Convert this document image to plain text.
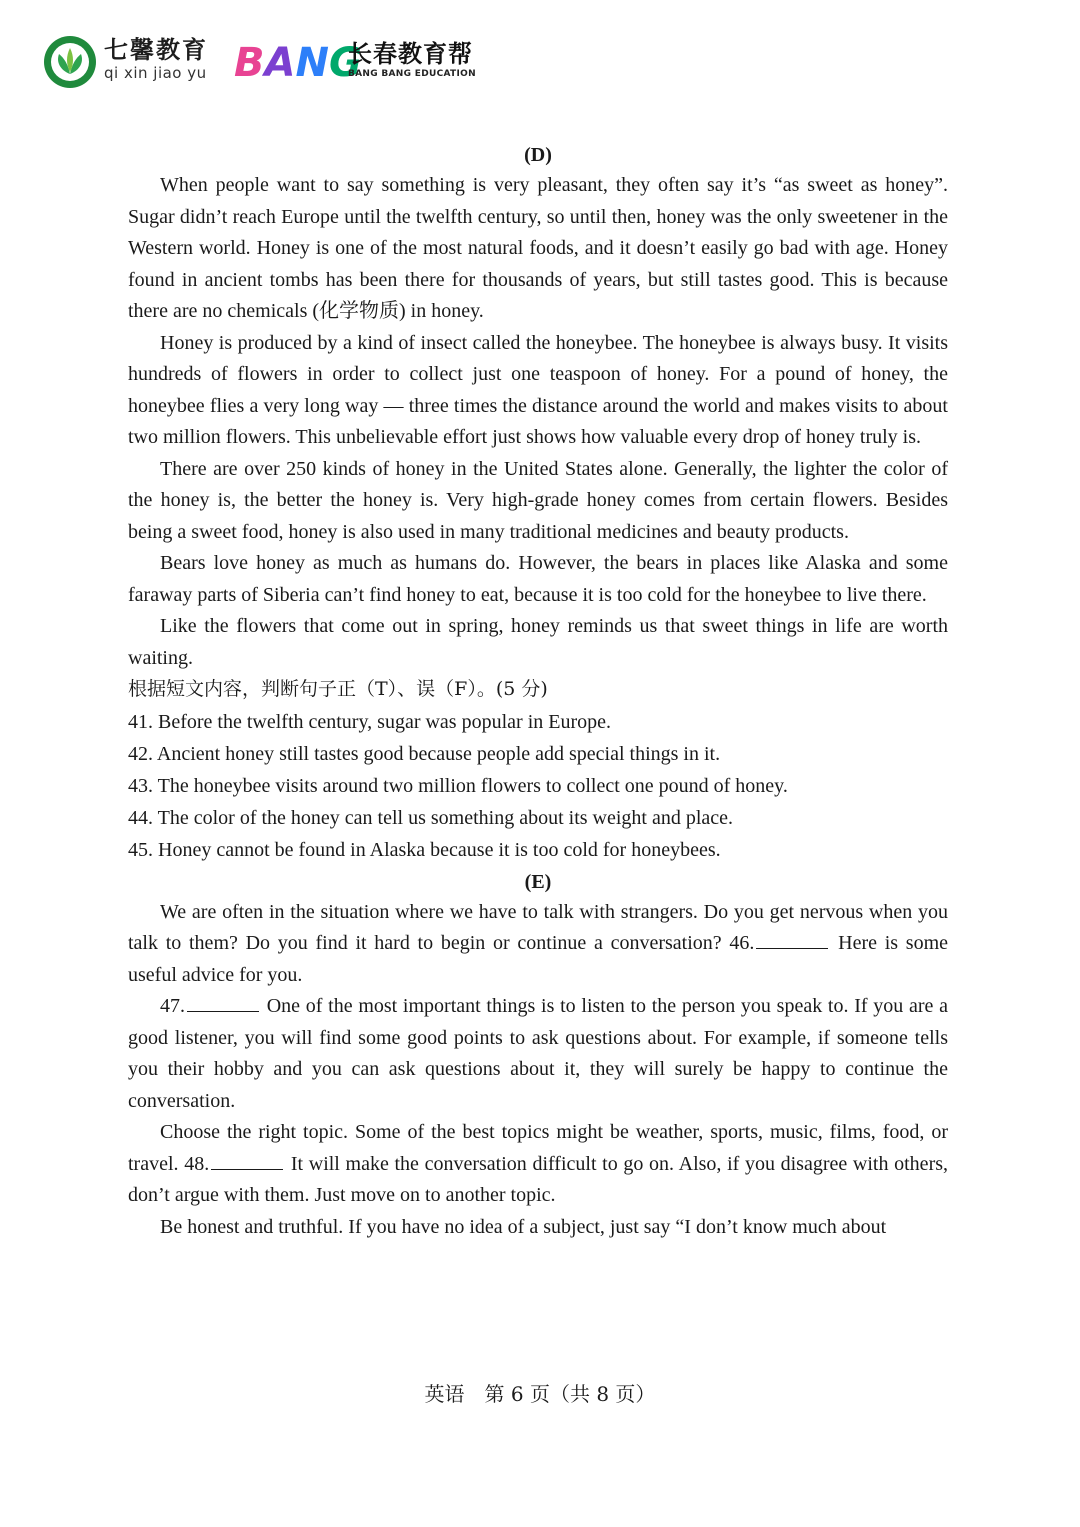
七馨教育
qi xin jiao yu BANG
长春教育帮
BANG BANG EDUCATION

(D)

When people want to say something is very pleasant, they often say it’s “as sweet as honey”. Sugar didn’t reach Europe until the twelfth century, so until then, honey was the only sweetener in the Western world. Honey is one of the most natural foods, and it doesn’t easily go bad with age. Honey found in ancient tombs has been there for thousands of years, but still tastes good. This is because there are no chemicals (化学物质) in honey.

Honey is produced by a kind of insect called the honeybee. The honeybee is always busy. It visits hundreds of flowers in order to collect just one teaspoon of honey. For a pound of honey, the honeybee flies a very long way — three times the distance around the world and makes visits to about two million flowers. This unbelievable effort just shows how valuable every drop of honey truly is.

There are over 250 kinds of honey in the United States alone. Generally, the lighter the color of the honey is, the better the honey is. Very high-grade honey comes from certain flowers. Besides being a sweet food, honey is also used in many traditional medicines and beauty products.

Bears love honey as much as humans do. However, the bears in places like Alaska and some faraway parts of Siberia can’t find honey to eat, because it is too cold for the honeybee to live there.

Like the flowers that come out in spring, honey reminds us that sweet things in life are worth waiting.

根据短文内容，判断句子正（T）、误（F）。(5 分)

41. Before the twelfth century, sugar was popular in Europe.

42. Ancient honey still tastes good because people add special things in it.

43. The honeybee visits around two million flowers to collect one pound of honey.

44. The color of the honey can tell us something about its weight and place.

45. Honey cannot be found in Alaska because it is too cold for honeybees.

(E)

We are often in the situation where we have to talk with strangers. Do you get nervous when you talk to them? Do you find it hard to begin or continue a conversation? 46.	Here is some useful advice for you.

47.	One of the most important things is to listen to the person you speak to. If you are a good listener, you will find some good points to ask questions about. For example, if someone tells you their hobby and you can ask questions about it, they will surely be happy to continue the conversation.

Choose the right topic. Some of the best topics might be weather, sports, music, films, food, or travel. 48.	It will make the conversation difficult to go on. Also, if you disagree with others, don’t argue with them. Just move on to another topic.

Be honest and truthful. If you have no idea of a subject, just say “I don’t know much about

英语　第 6 页（共 8 页）
